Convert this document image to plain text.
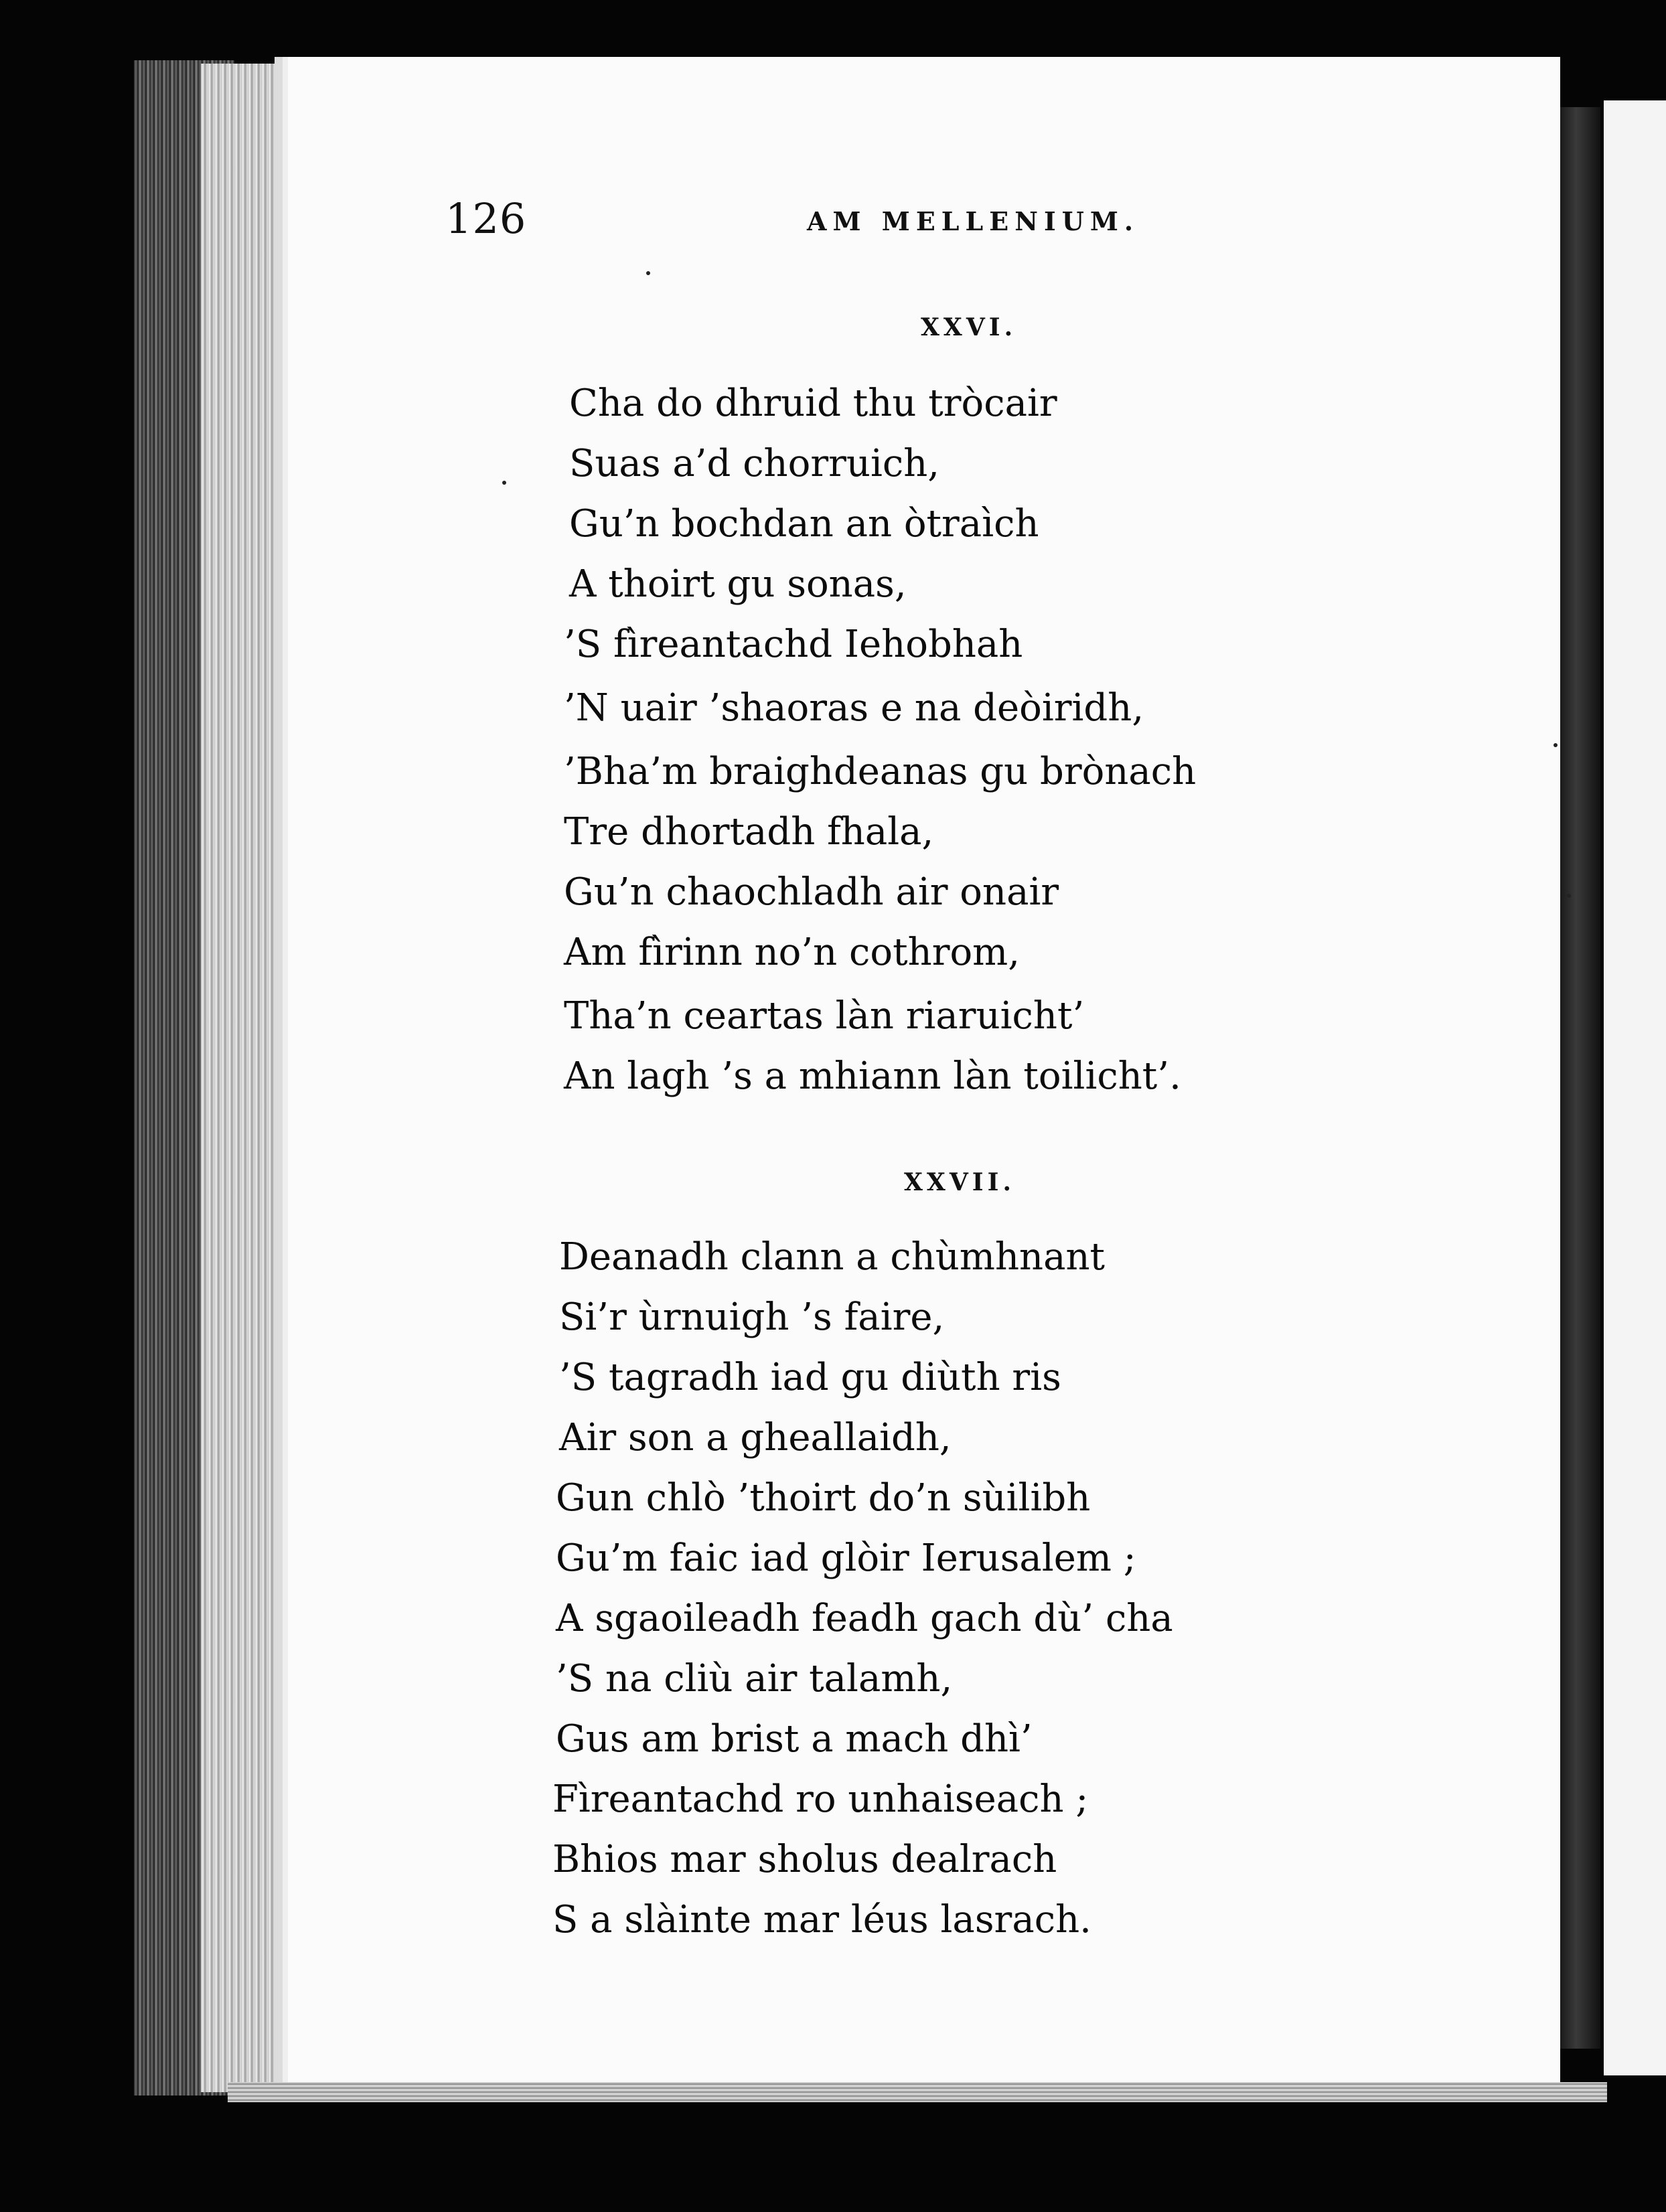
126	AM MELLENIUM.
XXVI.
Cha do dhruid thu tròcair
Suas a’d chorruich,
Gu’n bochdan an òtraìch
A thoirt gu sonas,
’S fìreantachd Iehobhah
’N uair ’shaoras e na deòiridh,
’Bha’m braighdeanas gu brònach
Tre dhortadh fhala,
Gu’n chaochladh air onair
Am fìrinn no’n cothrom,
Tha’n ceartas làn riaruicht’
An lagh ’s a mhiann làn toilicht’.
XXVII.
Deanadh clann a chùmhnant
Si’r ùrnuigh ’s faire,
’S tagradh iad gu diùth ris
Air son a gheallaidh,
Gun chlò ’thoirt do’n sùilibh
Gu’m faic iad glòir Ierusalem ;
A sgaoileadh feadh gach dù’ cha
’S na cliù air talamh,
Gus am brist a mach dhì’
Fìreantachd ro unhaiseach ;
Bhios mar sholus dealrach
S a slàinte mar léus lasrach.
